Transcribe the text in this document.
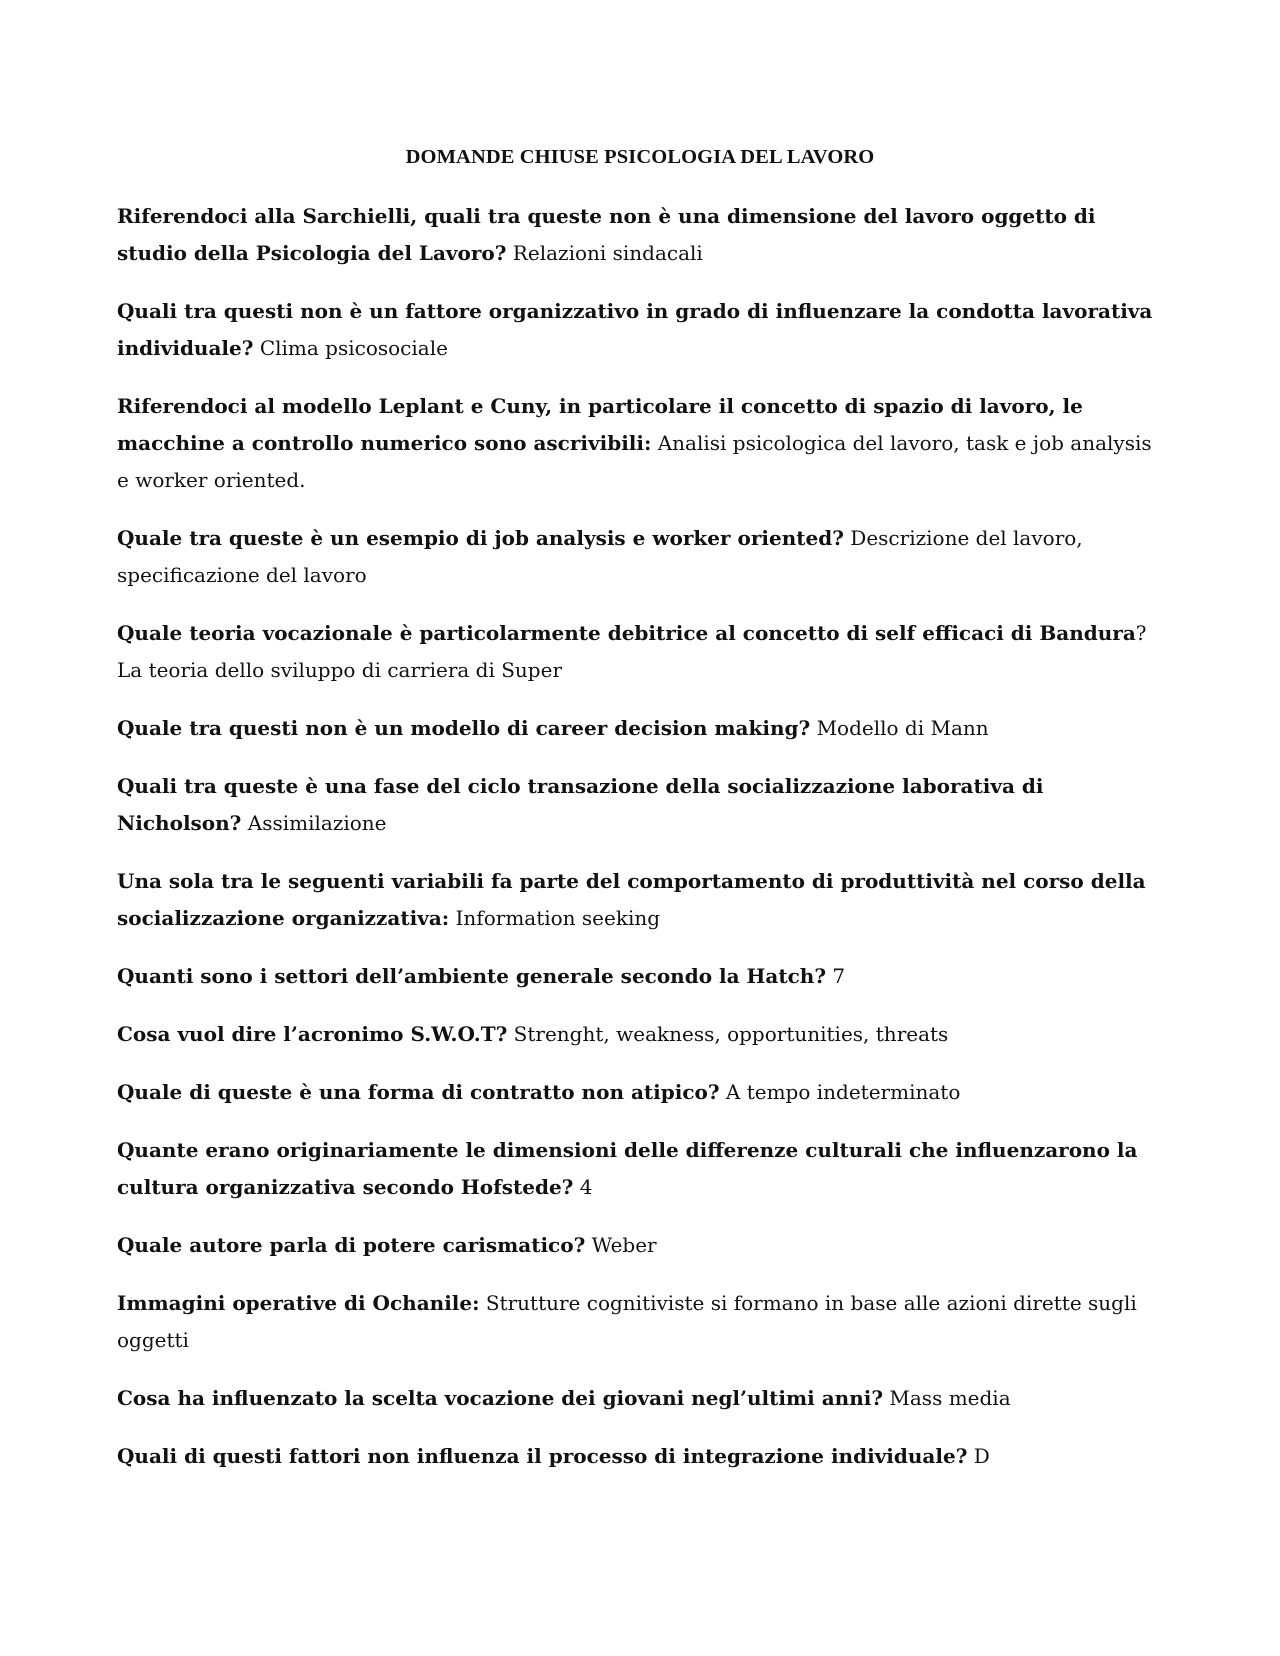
DOMANDE CHIUSE PSICOLOGIA DEL LAVORO

Riferendoci alla Sarchielli, quali tra queste non è una dimensione del lavoro oggetto di studio della Psicologia del Lavoro? Relazioni sindacali

Quali tra questi non è un fattore organizzativo in grado di influenzare la condotta lavorativa individuale? Clima psicosociale

Riferendoci al modello Leplant e Cuny, in particolare il concetto di spazio di lavoro, le macchine a controllo numerico sono ascrivibili: Analisi psicologica del lavoro, task e job analysis e worker oriented.

Quale tra queste è un esempio di job analysis e worker oriented? Descrizione del lavoro, specificazione del lavoro

Quale teoria vocazionale è particolarmente debitrice al concetto di self efficaci di Bandura? La teoria dello sviluppo di carriera di Super

Quale tra questi non è un modello di career decision making? Modello di Mann

Quali tra queste è una fase del ciclo transazione della socializzazione laborativa di Nicholson? Assimilazione

Una sola tra le seguenti variabili fa parte del comportamento di produttività nel corso della socializzazione organizzativa: Information seeking

Quanti sono i settori dell’ambiente generale secondo la Hatch? 7

Cosa vuol dire l’acronimo S.W.O.T? Strenght, weakness, opportunities, threats

Quale di queste è una forma di contratto non atipico? A tempo indeterminato

Quante erano originariamente le dimensioni delle differenze culturali che influenzarono la cultura organizzativa secondo Hofstede? 4

Quale autore parla di potere carismatico? Weber

Immagini operative di Ochanile: Strutture cognitiviste si formano in base alle azioni dirette sugli oggetti

Cosa ha influenzato la scelta vocazione dei giovani negl’ultimi anni? Mass media

Quali di questi fattori non influenza il processo di integrazione individuale? D
